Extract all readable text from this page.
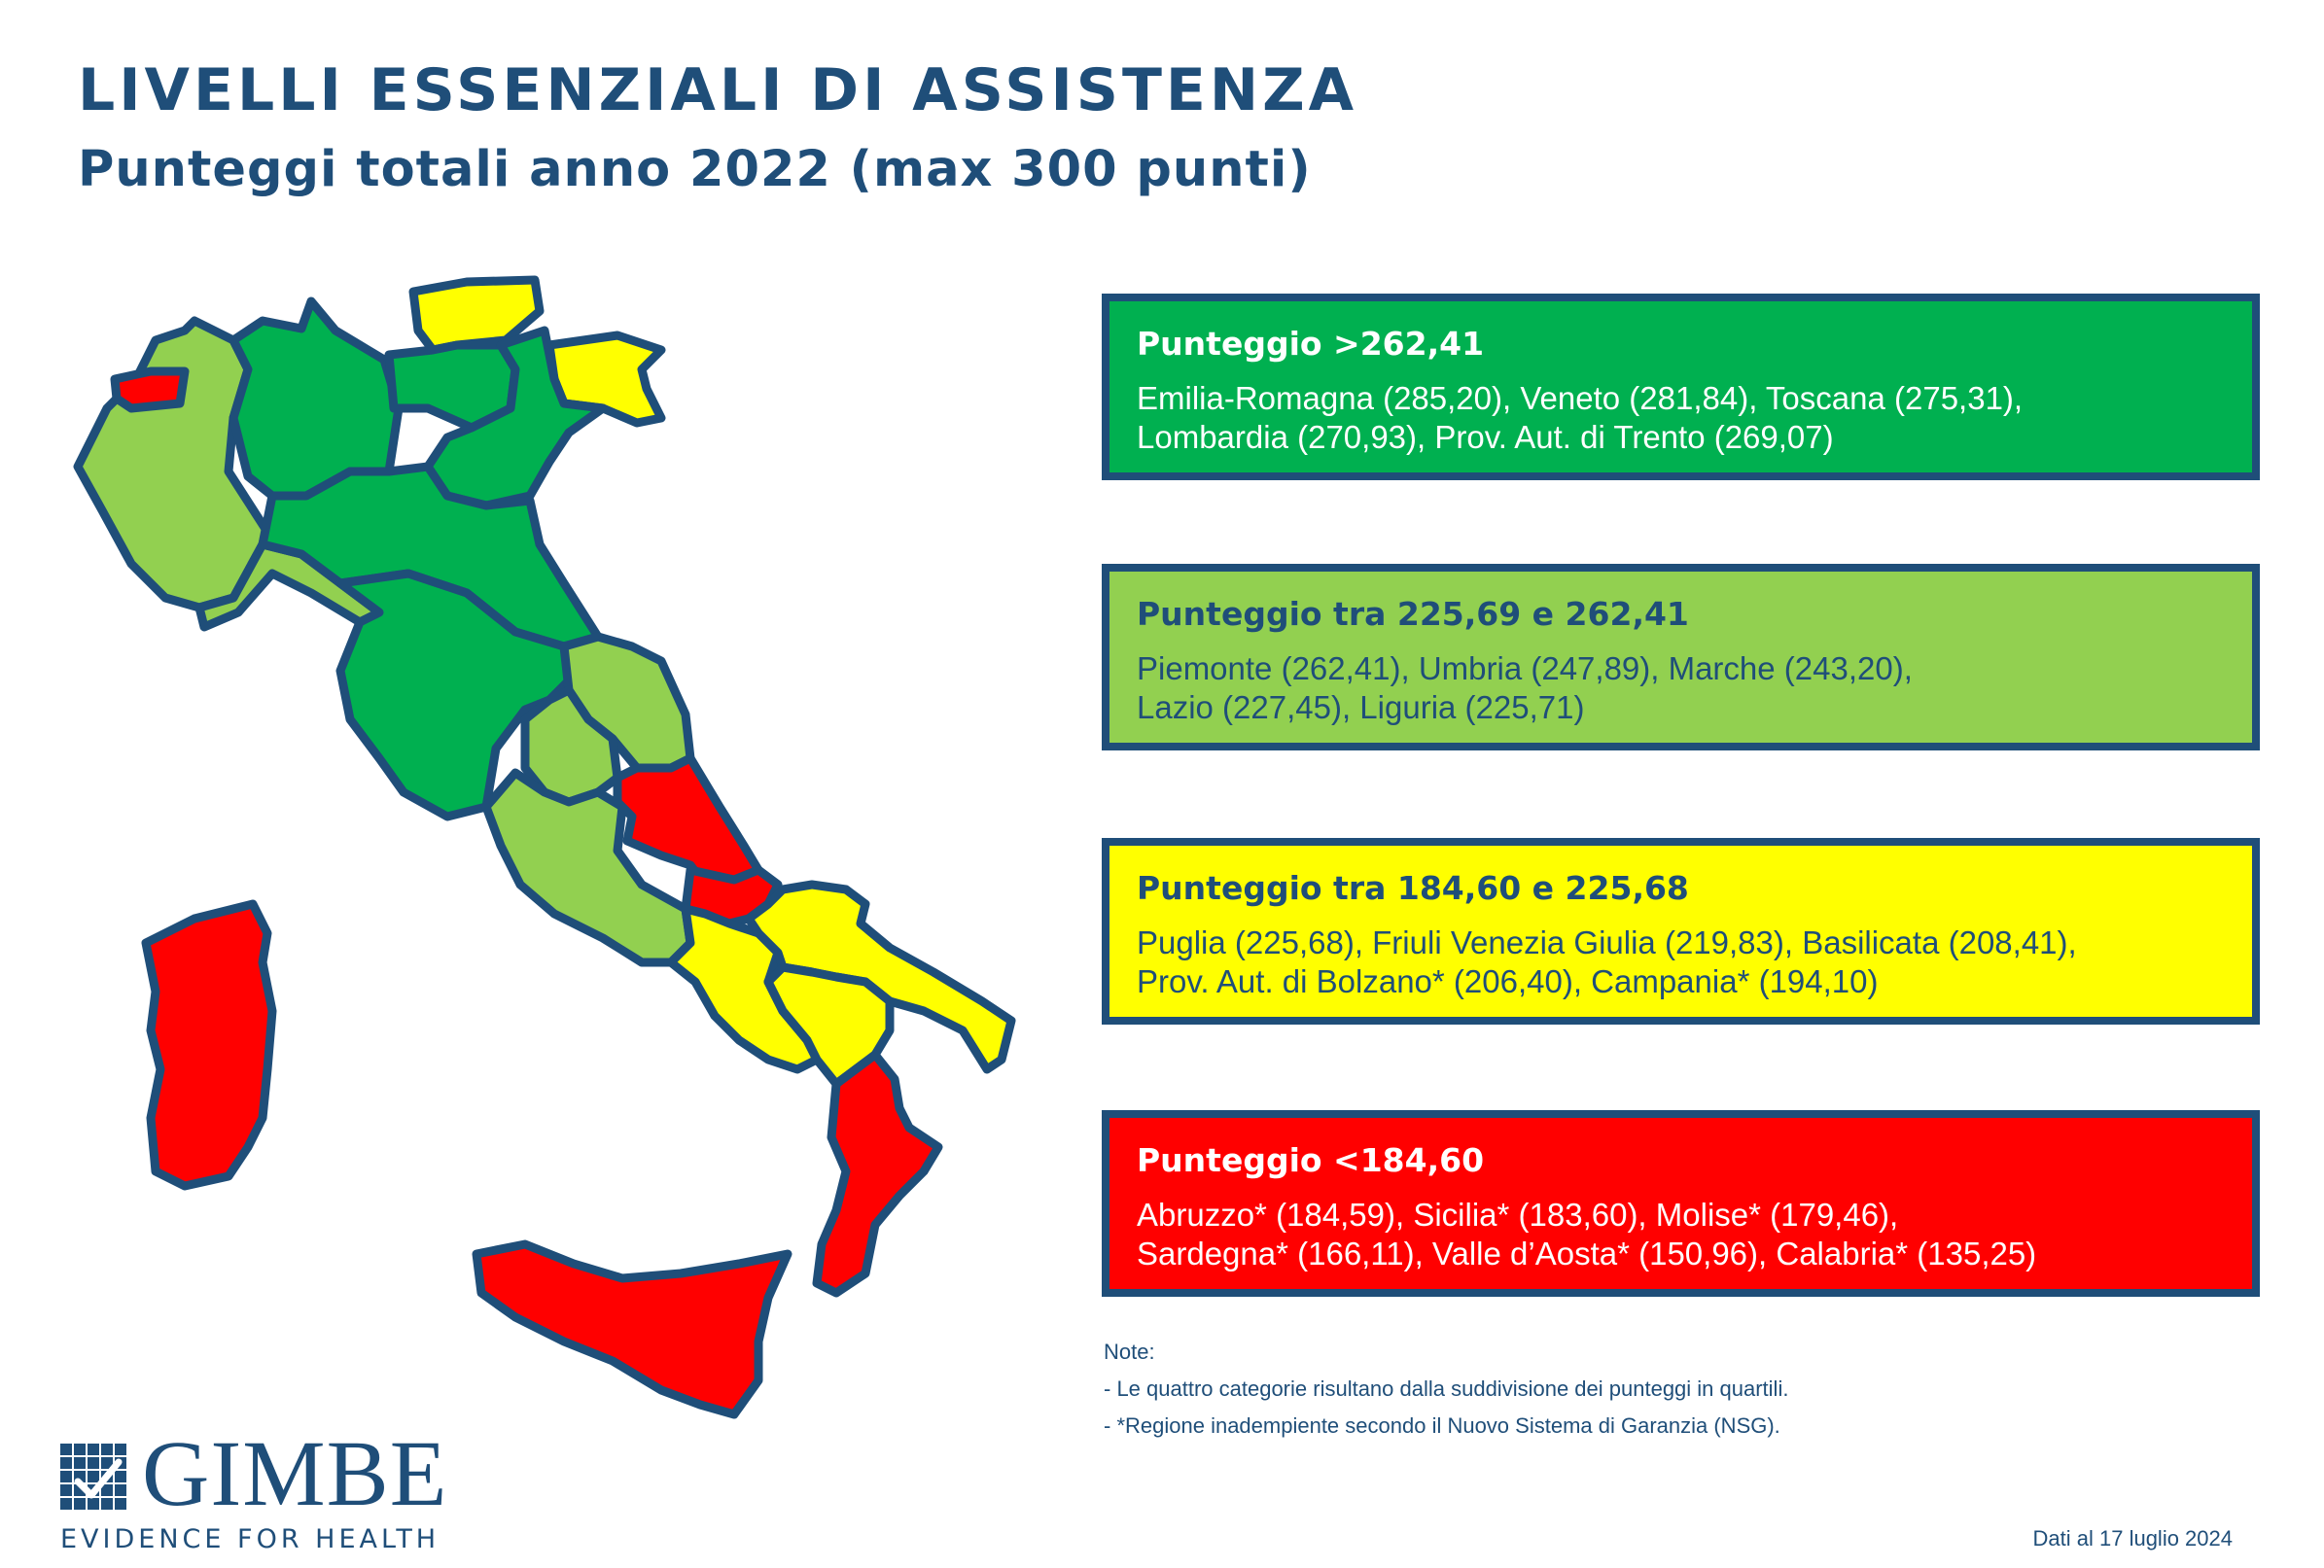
LIVELLI ESSENZIALI DI ASSISTENZA
Punteggi totali anno 2022 (max 300 punti)
Punteggio >262,41
Emilia-Romagna (285,20), Veneto (281,84), Toscana (275,31),
Lombardia (270,93), Prov. Aut. di Trento (269,07)
Punteggio tra 225,69 e 262,41
Piemonte (262,41), Umbria (247,89), Marche (243,20),
Lazio (227,45), Liguria (225,71)
Punteggio tra 184,60 e 225,68
Puglia (225,68), Friuli Venezia Giulia (219,83), Basilicata (208,41),
Prov. Aut. di Bolzano* (206,40), Campania* (194,10)
Punteggio <184,60
Abruzzo* (184,59), Sicilia* (183,60), Molise* (179,46),
Sardegna* (166,11), Valle d’Aosta* (150,96), Calabria* (135,25)
Note:
- Le quattro categorie risultano dalla suddivisione dei punteggi in quartili.
- *Regione inadempiente secondo il Nuovo Sistema di Garanzia (NSG).
Dati al 17 luglio 2024
GIMBE
EVIDENCE FOR HEALTH
